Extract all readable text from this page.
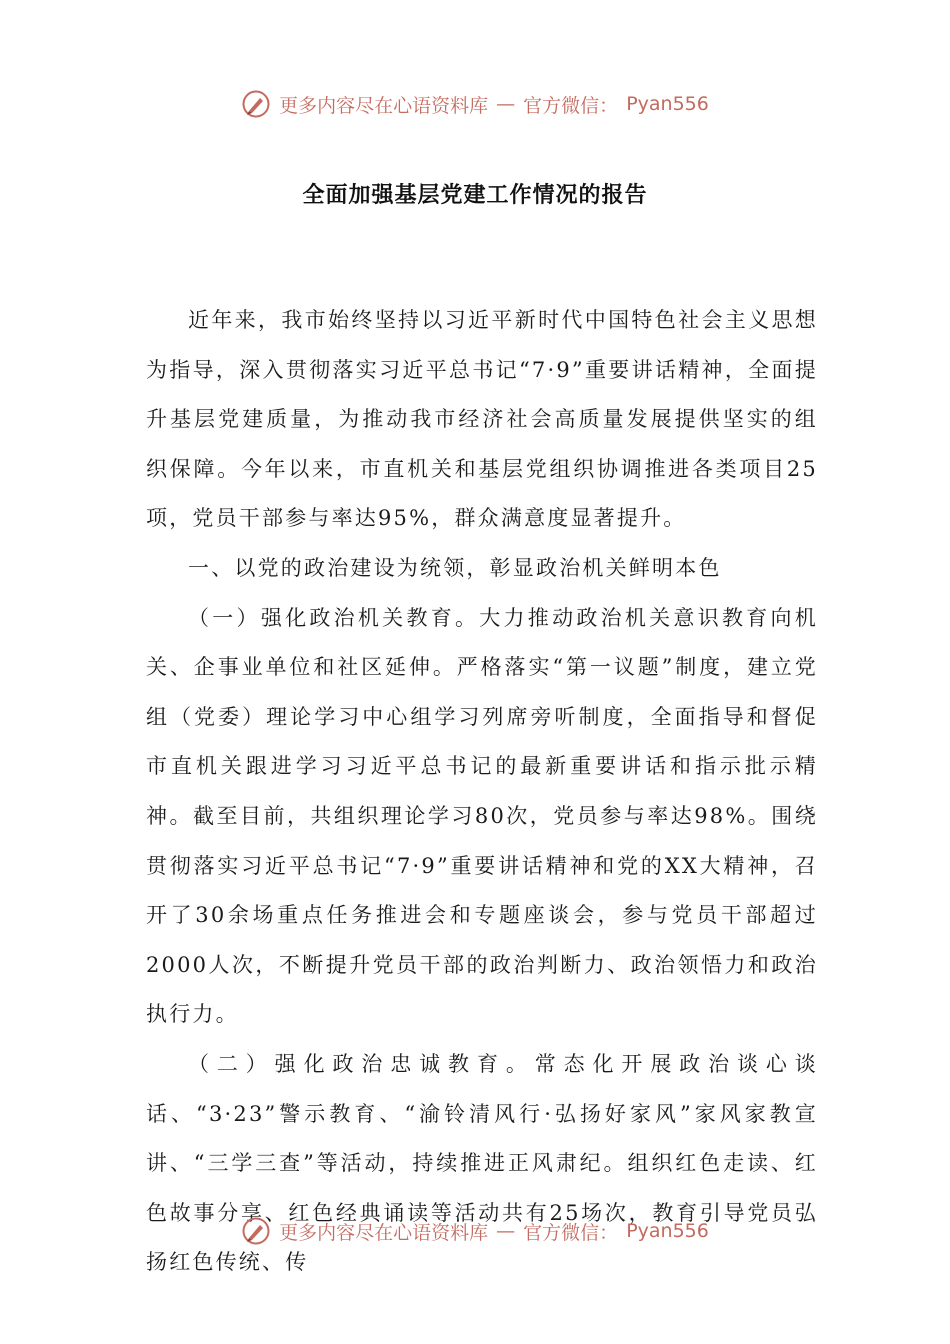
更多内容尽在心语资料库 — 官方微信： Pyan556
全面加强基层党建工作情况的报告

近年来，我市始终坚持以习近平新时代中国特色社会主义思想为指导，深入贯彻落实习近平总书记“7·9”重要讲话精神，全面提升基层党建质量，为推动我市经济社会高质量发展提供坚实的组织保障。今年以来，市直机关和基层党组织协调推进各类项目25项，党员干部参与率达95%，群众满意度显著提升。

一、以党的政治建设为统领，彰显政治机关鲜明本色

（一）强化政治机关教育。大力推动政治机关意识教育向机关、企事业单位和社区延伸。严格落实“第一议题”制度，建立党组（党委）理论学习中心组学习列席旁听制度，全面指导和督促市直机关跟进学习习近平总书记的最新重要讲话和指示批示精神。截至目前，共组织理论学习80次，党员参与率达98%。围绕贯彻落实习近平总书记“7·9”重要讲话精神和党的XX大精神，召开了30余场重点任务推进会和专题座谈会，参与党员干部超过2000人次，不断提升党员干部的政治判断力、政治领悟力和政治执行力。

（二）强化政治忠诚教育。常态化开展政治谈心谈话、“3·23”警示教育、“渝铃清风行·弘扬好家风”家风家教宣讲、“三学三查”等活动，持续推进正风肃纪。组织红色走读、红色故事分享、红色经典诵读等活动共有25场次，教育引导党员弘扬红色传统、传

更多内容尽在心语资料库 — 官方微信： Pyan556
